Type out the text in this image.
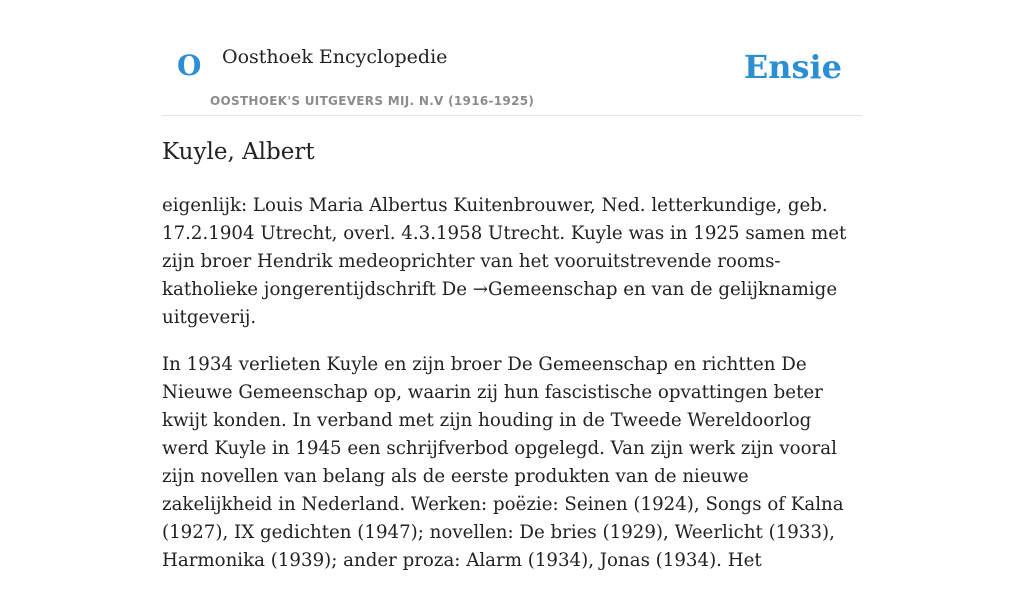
O Oosthoek Encyclopedie
OOSTHOEK'S UITGEVERS MIJ. N.V (1916-1925)
Ensie
Kuyle, Albert

eigenlijk: Louis Maria Albertus Kuitenbrouwer, Ned. letterkundige, geb. 17.2.1904 Utrecht, overl. 4.3.1958 Utrecht. Kuyle was in 1925 samen met zijn broer Hendrik medeoprichter van het vooruitstrevende rooms-katholieke jongerentijdschrift De →Gemeenschap en van de gelijknamige uitgeverij.

In 1934 verlieten Kuyle en zijn broer De Gemeenschap en richtten De Nieuwe Gemeenschap op, waarin zij hun fascistische opvattingen beter kwijt konden. In verband met zijn houding in de Tweede Wereldoorlog werd Kuyle in 1945 een schrijfverbod opgelegd. Van zijn werk zijn vooral zijn novellen van belang als de eerste produkten van de nieuwe zakelijkheid in Nederland. Werken: poëzie: Seinen (1924), Songs of Kalna (1927), IX gedichten (1947); novellen: De bries (1929), Weerlicht (1933), Harmonika (1939); ander proza: Alarm (1934), Jonas (1934). Het
